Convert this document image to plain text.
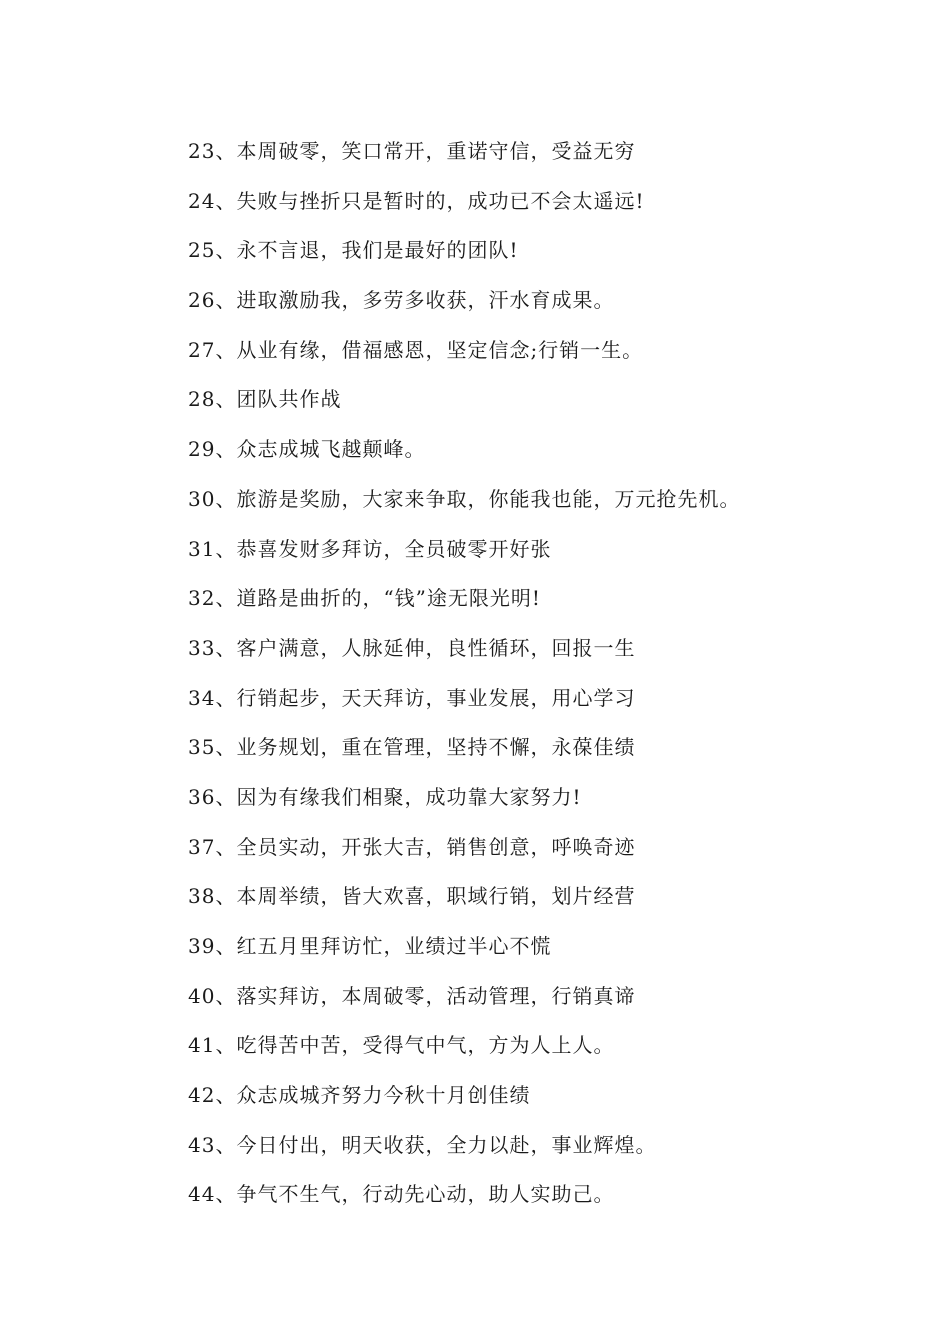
23、本周破零，笑口常开，重诺守信，受益无穷
24、失败与挫折只是暂时的，成功已不会太遥远!
25、永不言退，我们是最好的团队!
26、进取激励我，多劳多收获，汗水育成果。
27、从业有缘，借福感恩，坚定信念;行销一生。
28、团队共作战
29、众志成城飞越颠峰。
30、旅游是奖励，大家来争取，你能我也能，万元抢先机。
31、恭喜发财多拜访，全员破零开好张
32、道路是曲折的，“钱”途无限光明!
33、客户满意，人脉延伸，良性循环，回报一生
34、行销起步，天天拜访，事业发展，用心学习
35、业务规划，重在管理，坚持不懈，永葆佳绩
36、因为有缘我们相聚，成功靠大家努力!
37、全员实动，开张大吉，销售创意，呼唤奇迹
38、本周举绩，皆大欢喜，职域行销，划片经营
39、红五月里拜访忙，业绩过半心不慌
40、落实拜访，本周破零，活动管理，行销真谛
41、吃得苦中苦，受得气中气，方为人上人。
42、众志成城齐努力今秋十月创佳绩
43、今日付出，明天收获，全力以赴，事业辉煌。
44、争气不生气，行动先心动，助人实助己。
